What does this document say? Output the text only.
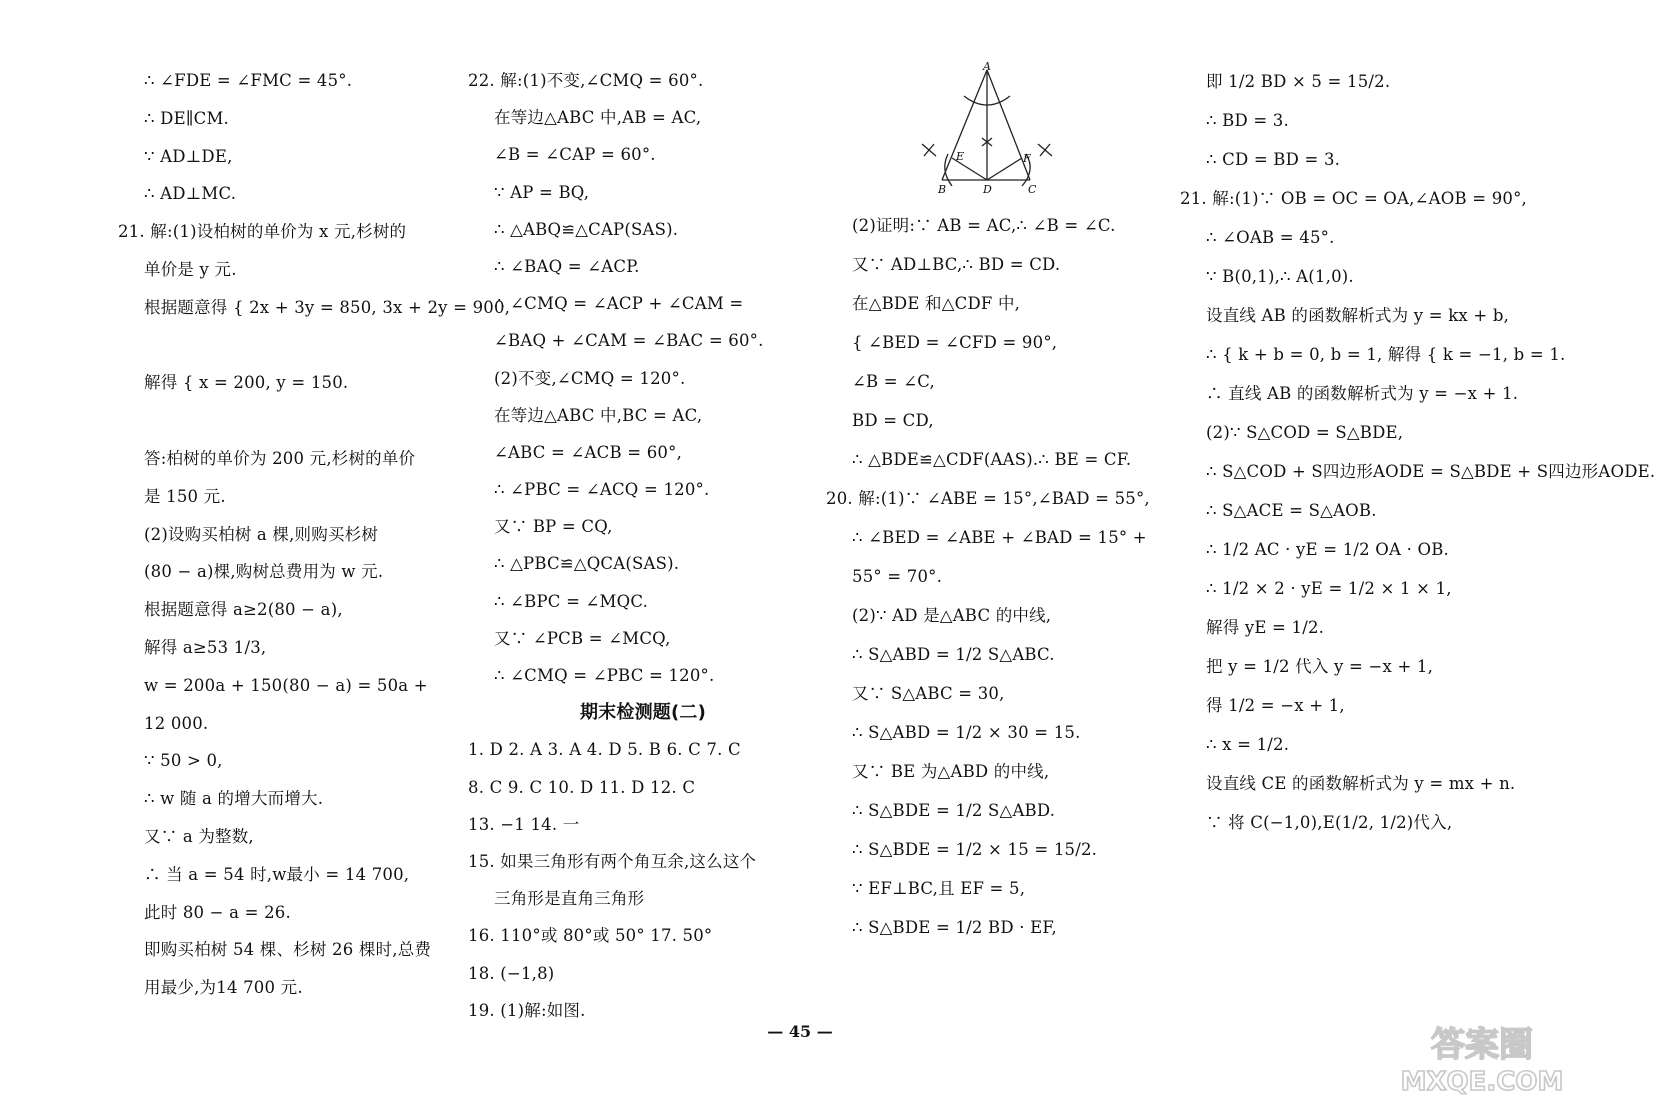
∴ ∠FDE = ∠FMC = 45°.
∴ DE∥CM.
∵ AD⊥DE,
∴ AD⊥MC.
21. 解:(1)设柏树的单价为 x 元,杉树的
单价是 y 元.
根据题意得 { 2x + 3y = 850, 3x + 2y = 900,
解得 { x = 200, y = 150.
答:柏树的单价为 200 元,杉树的单价
是 150 元.
(2)设购买柏树 a 棵,则购买杉树
(80 − a)棵,购树总费用为 w 元.
根据题意得 a≥2(80 − a),
解得 a≥53 1/3,
w = 200a + 150(80 − a) = 50a +
12 000.
∵ 50 > 0,
∴ w 随 a 的增大而增大.
又∵ a 为整数,
∴ 当 a = 54 时,w最小 = 14 700,
此时 80 − a = 26.
即购买柏树 54 棵、杉树 26 棵时,总费
用最少,为14 700 元.
22. 解:(1)不变,∠CMQ = 60°.
在等边△ABC 中,AB = AC,
∠B = ∠CAP = 60°.
∵ AP = BQ,
∴ △ABQ≌△CAP(SAS).
∴ ∠BAQ = ∠ACP.
∴ ∠CMQ = ∠ACP + ∠CAM =
∠BAQ + ∠CAM = ∠BAC = 60°.
(2)不变,∠CMQ = 120°.
在等边△ABC 中,BC = AC,
∠ABC = ∠ACB = 60°,
∴ ∠PBC = ∠ACQ = 120°.
又∵ BP = CQ,
∴ △PBC≌△QCA(SAS).
∴ ∠BPC = ∠MQC.
又∵ ∠PCB = ∠MCQ,
∴ ∠CMQ = ∠PBC = 120°.
期末检测题(二)
1. D 2. A 3. A 4. D 5. B 6. C 7. C
8. C 9. C 10. D 11. D 12. C
13. −1 14. 一
15. 如果三角形有两个角互余,这么这个
三角形是直角三角形
16. 110°或 80°或 50° 17. 50°
18. (−1,8)
19. (1)解:如图.
A
E	F
B	D	C
(2)证明:∵ AB = AC,∴ ∠B = ∠C.
又∵ AD⊥BC,∴ BD = CD.
在△BDE 和△CDF 中,
{ ∠BED = ∠CFD = 90°,
∠B = ∠C,
BD = CD,
∴ △BDE≌△CDF(AAS).∴ BE = CF.
20. 解:(1)∵ ∠ABE = 15°,∠BAD = 55°,
∴ ∠BED = ∠ABE + ∠BAD = 15° +
55° = 70°.
(2)∵ AD 是△ABC 的中线,
∴ S△ABD = 1/2 S△ABC.
又∵ S△ABC = 30,
∴ S△ABD = 1/2 × 30 = 15.
又∵ BE 为△ABD 的中线,
∴ S△BDE = 1/2 S△ABD.
∴ S△BDE = 1/2 × 15 = 15/2.
∵ EF⊥BC,且 EF = 5,
∴ S△BDE = 1/2 BD · EF,
即 1/2 BD × 5 = 15/2.
∴ BD = 3.
∴ CD = BD = 3.
21. 解:(1)∵ OB = OC = OA,∠AOB = 90°,
∴ ∠OAB = 45°.
∵ B(0,1),∴ A(1,0).
设直线 AB 的函数解析式为 y = kx + b,
∴ { k + b = 0, b = 1, 解得 { k = −1, b = 1.
∴ 直线 AB 的函数解析式为 y = −x + 1.
(2)∵ S△COD = S△BDE,
∴ S△COD + S四边形AODE = S△BDE + S四边形AODE.
∴ S△ACE = S△AOB.
∴ 1/2 AC · yE = 1/2 OA · OB.
∴ 1/2 × 2 · yE = 1/2 × 1 × 1,
解得 yE = 1/2.
把 y = 1/2 代入 y = −x + 1,
得 1/2 = −x + 1,
∴ x = 1/2.
设直线 CE 的函数解析式为 y = mx + n.
∵ 将 C(−1,0),E(1/2, 1/2)代入,
— 45 —	答案圈
MXQE.COM
